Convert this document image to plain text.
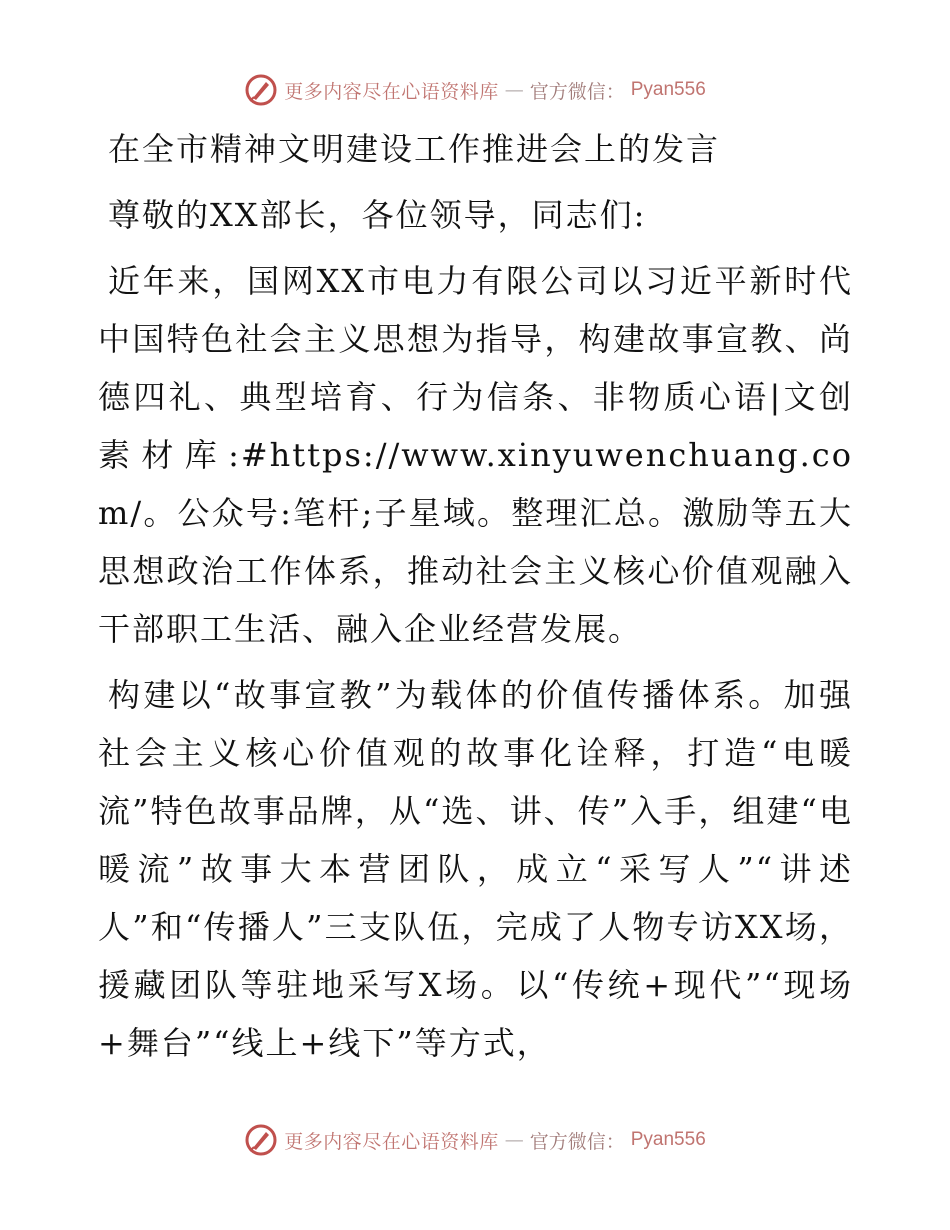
更多内容尽在心语资料库 — 官方微信： Pyan556

在全市精神文明建设工作推进会上的发言

尊敬的XX部长，各位领导，同志们:

近年来，国网XX市电力有限公司以习近平新时代中国特色社会主义思想为指导，构建故事宣教、尚德四礼、典型培育、行为信条、非物质心语|文创素材库:#https://www.xinyuwenchuang.com/。公众号:笔杆;子星域。整理汇总。激励等五大思想政治工作体系，推动社会主义核心价值观融入干部职工生活、融入企业经营发展。

构建以“故事宣教”为载体的价值传播体系。加强社会主义核心价值观的故事化诠释，打造“电暖流”特色故事品牌，从“选、讲、传”入手，组建“电暖流”故事大本营团队，成立“采写人”“讲述人”和“传播人”三支队伍，完成了人物专访XX场，援藏团队等驻地采写X场。以“传统+现代”“现场+舞台”“线上+线下”等方式，

更多内容尽在心语资料库 — 官方微信： Pyan556
